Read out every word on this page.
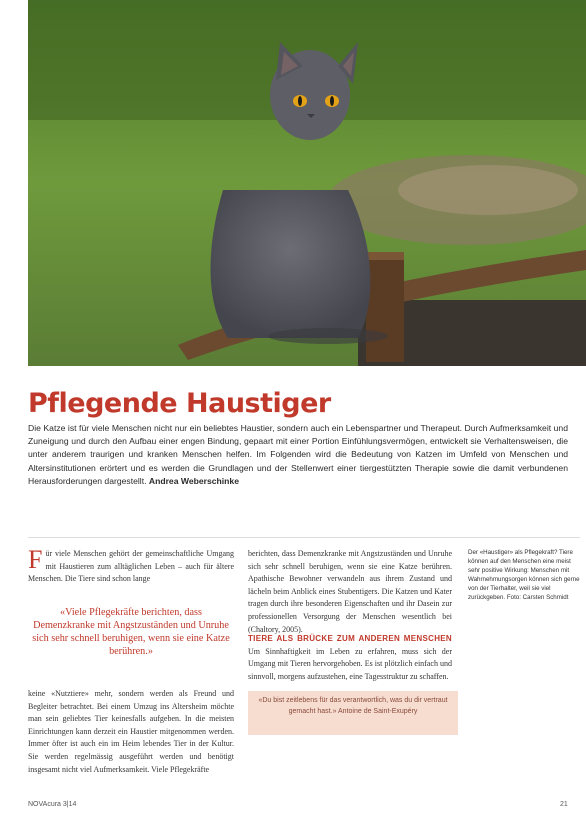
Pflegende Haustiger

Die Katze ist für viele Menschen nicht nur ein beliebtes Haustier, sondern auch ein Lebenspartner und Therapeut. Durch Aufmerksamkeit und Zuneigung und durch den Aufbau einer engen Bindung, gepaart mit einer Portion Einfühlungsvermögen, entwickelt sie Verhaltensweisen, die unter anderem traurigen und kranken Menschen helfen. Im Folgenden wird die Bedeutung von Katzen im Umfeld von Menschen und Altersinstitutionen erörtert und es werden die Grundlagen und der Stellenwert einer tiergestützten Therapie sowie die damit verbundenen Herausforderungen dargestellt. Andrea Weberschinke

Für viele Menschen gehört der gemeinschaftliche Umgang mit Haustieren zum alltäglichen Leben – auch für ältere Menschen. Die Tiere sind schon lange

«Viele Pflegekräfte berichten, dass Demenzkranke mit Angstzuständen und Unruhe sich sehr schnell beruhigen, wenn sie eine Katze berühren.»

keine «Nutztiere» mehr, sondern werden als Freund und Begleiter betrachtet. Bei einem Umzug ins Altersheim möchte man sein geliebtes Tier keinesfalls aufgeben. In die meisten Einrichtungen kann derzeit ein Haustier mitgenommen werden. Immer öfter ist auch ein im Heim lebendes Tier in der Kultur. Sie werden regelmässig ausgeführt werden und benötigt insgesamt nicht viel Aufmerksamkeit. Viele Pflegekräfte

berichten, dass Demenzkranke mit Angstzuständen und Unruhe sich sehr schnell beruhigen, wenn sie eine Katze berühren. Apathische Bewohner verwandeln aus ihrem Zustand und lächeln beim Anblick eines Stubentigers. Die Katzen und Kater tragen durch ihre besonderen Eigenschaften und ihr Dasein zur professionellen Versorgung der Menschen wesentlich bei (Chaltory, 2005).

TIERE ALS BRÜCKE ZUM ANDEREN MENSCHEN Um Sinnhaftigkeit im Leben zu erfahren, muss sich der Umgang mit Tieren hervorgehoben. Es ist plötzlich einfach und sinnvoll, morgens aufzustehen, eine Tagesstruktur zu schaffen.

Der «Haustiger» als Pflegekraft? Tiere können auf den Menschen eine meist sehr positive Wirkung: Menschen mit Wahrnehmungsorgen können sich gerne von der Tierhalter, weil sie viel zurückgeben. Foto: Carsten Schmidt

«Du bist zeitlebens für das verantwortlich, was du dir vertraut gemacht hast.» Antoine de Saint-Exupéry
NOVAcura 3|14	21
